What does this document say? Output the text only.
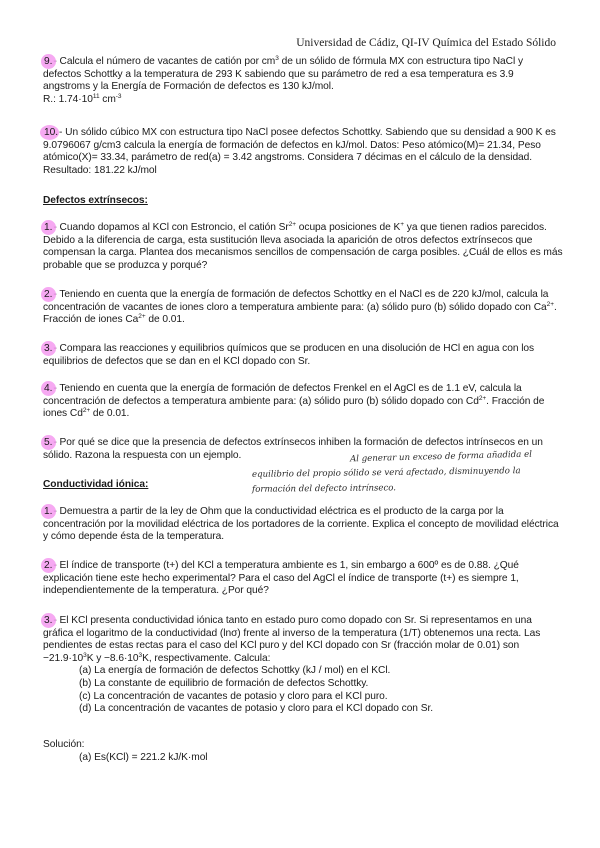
Universidad de Cádiz, QI-IV Química del Estado Sólido

9.- Calcula el número de vacantes de catión por $cm^3$ de un sólido de fórmula MX con estructura tipo NaCl y defectos Schottky a la temperatura de 293 K sabiendo que su parámetro de red a esa temperatura es 3.9 angstroms y la Energía de Formación de defectos es 130 kJ/mol.

R.: $1.74\cdot 10^{11}$ $cm^{-3}$

10.- Un sólido cúbico MX con estructura tipo NaCl posee defectos Schottky. Sabiendo que su densidad a 900 K es 9.0796067 g/cm3 calcula la energía de formación de defectos en kJ/mol. Datos: Peso atómico(M)= 21.34, Peso atómico(X)= 33.34, parámetro de red(a) = 3.42 angstroms. Considera 7 décimas en el cálculo de la densidad. Resultado: 181.22 kJ/mol

Defectos extrínsecos:

1.- Cuando dopamos al KCl con Estroncio, el catión $Sr^{2+}$ ocupa posiciones de K+ ya que tienen radios parecidos. Debido a la diferencia de carga, esta sustitución lleva asociada la aparición de otros defectos extrínsecos que compensan la carga. Plantea dos mecanismos sencillos de compensación de carga posibles. ¿Cuál de ellos es más probable que se produzca y porqué?

2.- Teniendo en cuenta que la energía de formación de defectos Schottky en el NaCl es de 220 kJ/mol, calcula la concentración de vacantes de iones cloro a temperatura ambiente para: (a) sólido puro (b) sólido dopado con $Ca^{2+}$. Fracción de iones $Ca^{2+}$ de 0.01.

3.- Compara las reacciones y equilibrios químicos que se producen en una disolución de HCl en agua con los equilibrios de defectos que se dan en el KCl dopado con Sr.

4.- Teniendo en cuenta que la energía de formación de defectos Frenkel en el AgCl es de 1.1 eV, calcula la concentración de defectos a temperatura ambiente para: (a) sólido puro (b) sólido dopado con $Cd^{2+}$. Fracción de iones $Cd^{2+}$ de 0.01.

5.- Por qué se dice que la presencia de defectos extrínsecos inhiben la formación de defectos intrínsecos en un sólido. Razona la respuesta con un ejemplo.	Al generar un exceso de forma añadida el
equilibrio del propio sólido se verá afectado, disminuyendo la
formación del defecto intrínseco.

Conductividad iónica:

1.- Demuestra a partir de la ley de Ohm que la conductividad eléctrica es el producto de la carga por la concentración por la movilidad eléctrica de los portadores de la corriente. Explica el concepto de movilidad eléctrica y cómo depende ésta de la temperatura.

2.- El índice de transporte (t+) del KCl a temperatura ambiente es 1, sin embargo a 600º es de 0.88. ¿Qué explicación tiene este hecho experimental? Para el caso del AgCl el índice de transporte (t+) es siempre 1, independientemente de la temperatura. ¿Por qué?

3.- El KCl presenta conductividad iónica tanto en estado puro como dopado con Sr. Si representamos en una gráfica el logaritmo de la conductividad (lnσ) frente al inverso de la temperatura (1/T) obtenemos una recta. Las pendientes de estas rectas para el caso del KCl puro y del KCl dopado con Sr (fracción molar de 0.01) son $-21.9\cdot 10^3K$ $y -8.6\cdot 10^3K$, respectivamente. Calcula:

(a) La energía de formación de defectos Schottky (kJ / mol) en el KCl.

(b) La constante de equilibrio de formación de defectos Schottky.

(c) La concentración de vacantes de potasio y cloro para el KCl puro.

(d) La concentración de vacantes de potasio y cloro para el KCl dopado con Sr.

Solución:

(a) Es(KCl) = 221.2 kJ/K·mol
